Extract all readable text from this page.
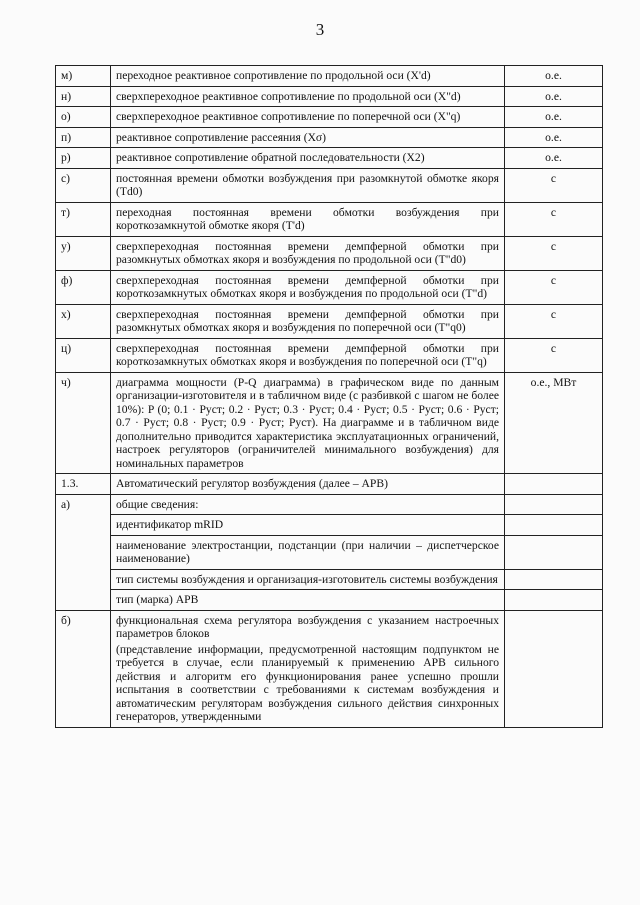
3
м)	переходное реактивное сопротивление по продольной оси (X'd)	о.е.
н)	сверхпереходное реактивное сопротивление по продольной оси (X"d)	о.е.
о)	сверхпереходное реактивное сопротивление по поперечной оси (X"q)	о.е.
п)	реактивное сопротивление рассеяния (Xσ)	о.е.
р)	реактивное сопротивление обратной последовательности (X2)	о.е.
с)	постоянная времени обмотки возбуждения при разомкнутой обмотке якоря (Td0)	с
т)	переходная постоянная времени обмотки возбуждения при короткозамкнутой обмотке якоря (T'd)	с
у)	сверхпереходная постоянная времени демпферной обмотки при разомкнутых обмотках якоря и возбуждения по продольной оси (T"d0)	с
ф)	сверхпереходная постоянная времени демпферной обмотки при короткозамкнутых обмотках якоря и возбуждения по продольной оси (T"d)	с
х)	сверхпереходная постоянная времени демпферной обмотки при разомкнутых обмотках якоря и возбуждения по поперечной оси (T"q0)	с
ц)	сверхпереходная постоянная времени демпферной обмотки при короткозамкнутых обмотках якоря и возбуждения по поперечной оси (T"q)	с
ч)	диаграмма мощности (P-Q диаграмма) в графическом виде по данным организации-изготовителя и в табличном виде (с разбивкой с шагом не более 10%): P (0; 0.1 · Руст; 0.2 · Руст; 0.3 · Руст; 0.4 · Руст; 0.5 · Руст; 0.6 · Руст; 0.7 · Руст; 0.8 · Руст; 0.9 · Руст; Руст). На диаграмме и в табличном виде дополнительно приводится характеристика эксплуатационных ограничений, настроек регуляторов (ограничителей минимального возбуждения) для номинальных параметров	о.е., МВт
1.3.	Автоматический регулятор возбуждения (далее – АРВ)	
а)	общие сведения:	
	идентификатор mRID	
	наименование электростанции, подстанции (при наличии – диспетчерское наименование)	
	тип системы возбуждения и организация-изготовитель системы возбуждения	
	тип (марка) АРВ	
б)	функциональная схема регулятора возбуждения с указанием настроечных параметров блоков
(представление информации, предусмотренной настоящим подпунктом не требуется в случае, если планируемый к применению АРВ сильного действия и алгоритм его функционирования ранее успешно прошли испытания в соответствии с требованиями к системам возбуждения и автоматическим регуляторам возбуждения сильного действия синхронных генераторов, утвержденными	
